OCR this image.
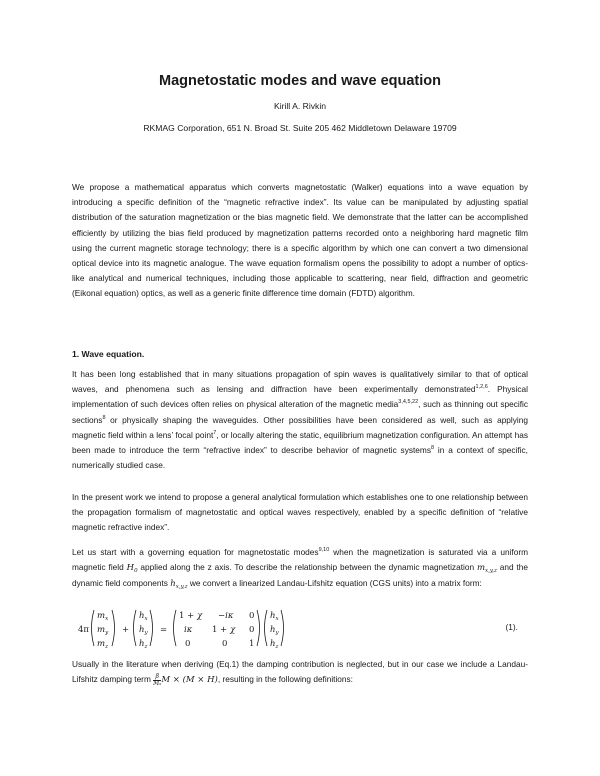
Magnetostatic modes and wave equation
Kirill A. Rivkin
RKMAG Corporation, 651 N. Broad St. Suite 205 462 Middletown Delaware 19709

We propose a mathematical apparatus which converts magnetostatic (Walker) equations into a wave equation by introducing a specific definition of the “magnetic refractive index”. Its value can be manipulated by adjusting spatial distribution of the saturation magnetization or the bias magnetic field. We demonstrate that the latter can be accomplished efficiently by utilizing the bias field produced by magnetization patterns recorded onto a neighboring hard magnetic film using the current magnetic storage technology; there is a specific algorithm by which one can convert a two dimensional optical device into its magnetic analogue. The wave equation formalism opens the possibility to adopt a number of optics-like analytical and numerical techniques, including those applicable to scattering, near field, diffraction and geometric (Eikonal equation) optics, as well as a generic finite difference time domain (FDTD) algorithm.

1. Wave equation.

It has been long established that in many situations propagation of spin waves is qualitatively similar to that of optical waves, and phenomena such as lensing and diffraction have been experimentally demonstrated$^{1,2,6}$. Physical implementation of such devices often relies on physical alteration of the magnetic media$^{3,4,5,22}$, such as thinning out specific sections$^8$ or physically shaping the waveguides. Other possibilities have been considered as well, such as applying magnetic field within a lens’ focal point$^7$, or locally altering the static, equilibrium magnetization configuration. An attempt has been made to introduce the term “refractive index” to describe behavior of magnetic systems$^8$ in a context of specific, numerically studied case.

In the present work we intend to propose a general analytical formulation which establishes one to one relationship between the propagation formalism of magnetostatic and optical waves respectively, enabled by a specific definition of “relative magnetic refractive index”.

Let us start with a governing equation for magnetostatic modes$^{9,10}$ when the magnetization is saturated via a uniform magnetic field $H_0$ applied along the z axis. To describe the relationship between the dynamic magnetization $m_{x,y,z}$ and the dynamic field components $h_{x,y,z}$ we convert a linearized Landau-Lifshitz equation (CGS units) into a matrix form:

4π
$m_x$
$m_y$
$m_z$
+
$h_x$
$h_y$
$h_z$
=
1 + χ −iκ 0
iκ 1 + χ 0
0	0	1
$h_x$
$h_y$
$h_z$
(1).

Usually in the literature when deriving (Eq.1) the damping contribution is neglected, but in our case we include a Landau-Lifshitz damping term $\frac{\beta}{\text{Mₛ}}$ M × (M × H), resulting in the following definitions:
